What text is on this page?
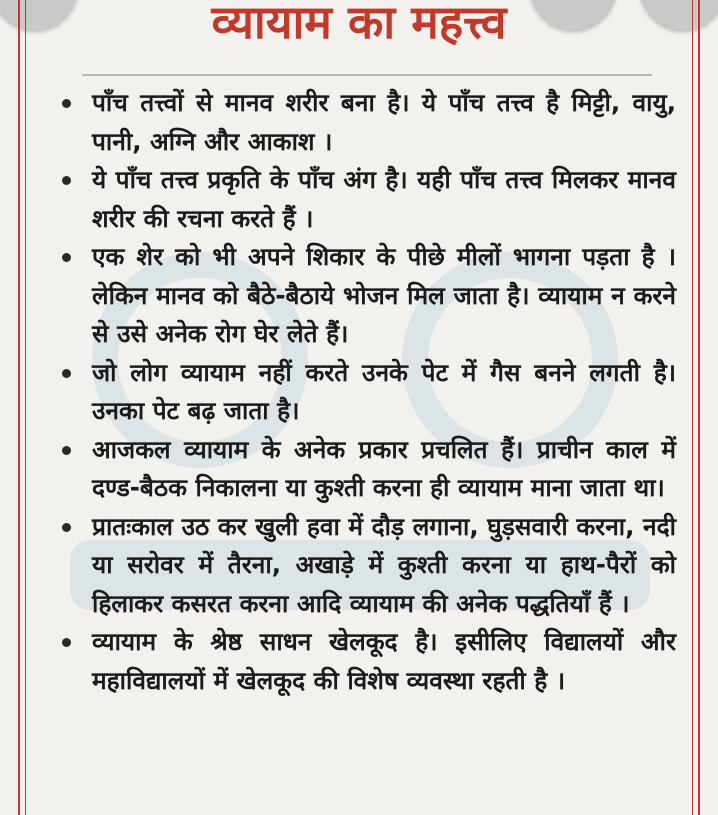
व्यायाम का महत्त्व
पाँच तत्त्वों से मानव शरीर बना है। ये पाँच तत्त्व है मिट्टी, वायु, पानी, अग्नि और आकाश ।
ये पाँच तत्त्व प्रकृति के पाँच अंग है। यही पाँच तत्त्व मिलकर मानव शरीर की रचना करते हैं ।
एक शेर को भी अपने शिकार के पीछे मीलों भागना पड़ता है । लेकिन मानव को बैठे-बैठाये भोजन मिल जाता है। व्यायाम न करने से उसे अनेक रोग घेर लेते हैं।
जो लोग व्यायाम नहीं करते उनके पेट में गैस बनने लगती है। उनका पेट बढ़ जाता है।
आजकल व्यायाम के अनेक प्रकार प्रचलित हैं। प्राचीन काल में दण्ड-बैठक निकालना या कुश्ती करना ही व्यायाम माना जाता था।
प्रातःकाल उठ कर खुली हवा में दौड़ लगाना, घुड़सवारी करना, नदी या सरोवर में तैरना, अखाड़े में कुश्ती करना या हाथ-पैरों को हिलाकर कसरत करना आदि व्यायाम की अनेक पद्धतियाँ हैं ।
व्यायाम के श्रेष्ठ साधन खेलकूद है। इसीलिए विद्यालयों और महाविद्यालयों में खेलकूद की विशेष व्यवस्था रहती है ।
